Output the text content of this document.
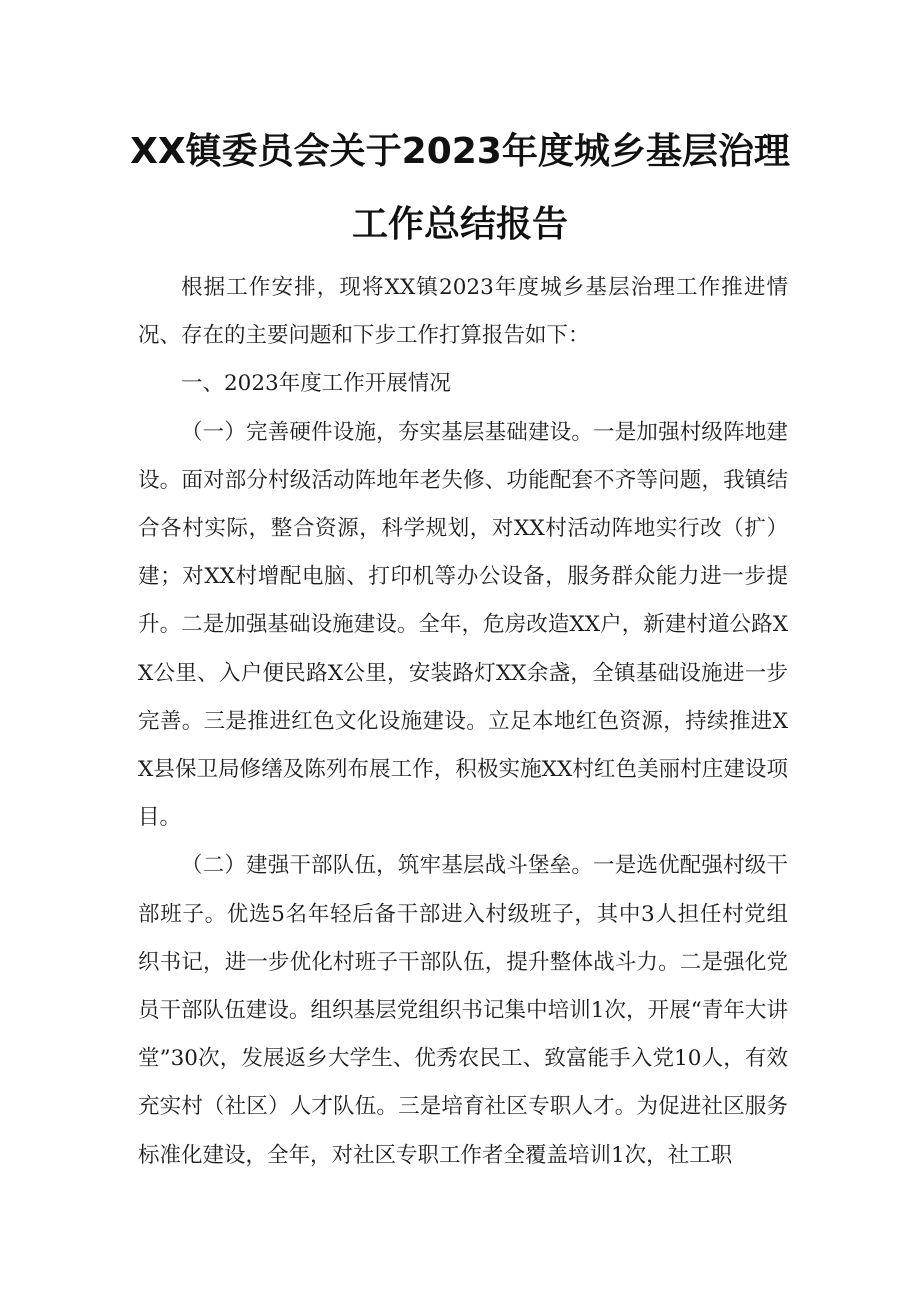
XX镇委员会关于2023年度城乡基层治理
工作总结报告

根据工作安排，现将XX镇2023年度城乡基层治理工作推进情况、存在的主要问题和下步工作打算报告如下：

一、2023年度工作开展情况

（一）完善硬件设施，夯实基层基础建设。一是加强村级阵地建设。面对部分村级活动阵地年老失修、功能配套不齐等问题，我镇结合各村实际，整合资源，科学规划，对XX村活动阵地实行改（扩）建；对XX村增配电脑、打印机等办公设备，服务群众能力进一步提升。二是加强基础设施建设。全年，危房改造XX户，新建村道公路XX公里、入户便民路X公里，安装路灯XX余盏，全镇基础设施进一步完善。三是推进红色文化设施建设。立足本地红色资源，持续推进XX县保卫局修缮及陈列布展工作，积极实施XX村红色美丽村庄建设项目。

（二）建强干部队伍，筑牢基层战斗堡垒。一是选优配强村级干部班子。优选5名年轻后备干部进入村级班子，其中3人担任村党组织书记，进一步优化村班子干部队伍，提升整体战斗力。二是强化党员干部队伍建设。组织基层党组织书记集中培训1次，开展“青年大讲堂”30次，发展返乡大学生、优秀农民工、致富能手入党10人，有效充实村（社区）人才队伍。三是培育社区专职人才。为促进社区服务标准化建设，全年，对社区专职工作者全覆盖培训1次，社工职
